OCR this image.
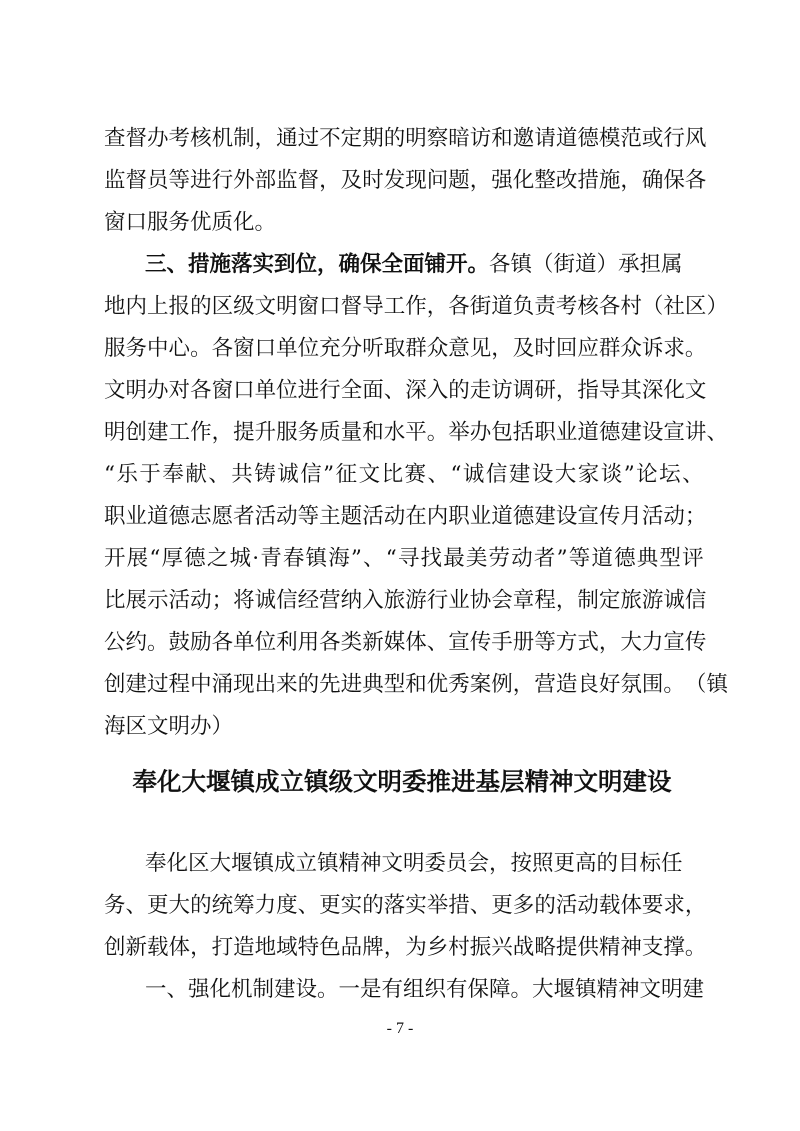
查 督 办 考 核 机 制 ， 通 过 不 定 期 的 明 察 暗 访 和 邀 请 道 德 模 范 或 行 风
监 督 员 等 进 行 外 部 监 督 ， 及 时 发 现 问 题 ， 强 化 整 改 措 施 ， 确 保 各
窗口服务优质化。
三、措施落实到位，确保全面铺开。各镇（街道）承担属
地 内 上 报 的 区 级 文 明 窗 口 督 导 工 作 ， 各 街 道 负 责 考 核 各 村 （ 社 区 ）
服 务 中 心 。 各 窗 口 单 位 充 分 听 取 群 众 意 见 ， 及 时 回 应 群 众 诉 求 。
文 明 办 对 各 窗 口 单 位 进 行 全 面 、 深 入 的 走 访 调 研 ， 指 导 其 深 化 文
明 创 建 工 作 ， 提 升 服 务 质 量 和 水 平 。 举 办 包 括 职 业 道 德 建 设 宣 讲 、
“ 乐 于 奉 献 、 共 铸 诚 信 ” 征 文 比 赛 、 “ 诚 信 建 设 大 家 谈 ” 论 坛 、
职 业 道 德 志 愿 者 活 动 等 主 题 活 动 在 内 职 业 道 德 建 设 宣 传 月 活 动 ；
开 展 “ 厚 德 之 城 · 青 春 镇 海 ” 、 “ 寻 找 最 美 劳 动 者 ” 等 道 德 典 型 评
比 展 示 活 动 ； 将 诚 信 经 营 纳 入 旅 游 行 业 协 会 章 程 ， 制 定 旅 游 诚 信
公 约 。 鼓 励 各 单 位 利 用 各 类 新 媒 体 、 宣 传 手 册 等 方 式 ， 大 力 宣 传
创 建 过 程 中 涌 现 出 来 的 先 进 典 型 和 优 秀 案 例 ， 营 造 良 好 氛 围 。 （ 镇
海区文明办）
奉化大堰镇成立镇级文明委推进基层精神文明建设
奉化区大堰镇成立镇精神文明委员会，按照更高的目标任
务 、 更 大 的 统 筹 力 度 、 更 实 的 落 实 举 措 、 更 多 的 活 动 载 体 要 求 ，
创 新 载 体 ， 打 造 地 域 特 色 品 牌 ， 为 乡 村 振 兴 战 略 提 供 精 神 支 撑 。
一、强化机制建设。一是有组织有保障。大堰镇精神文明建
- 7 -
